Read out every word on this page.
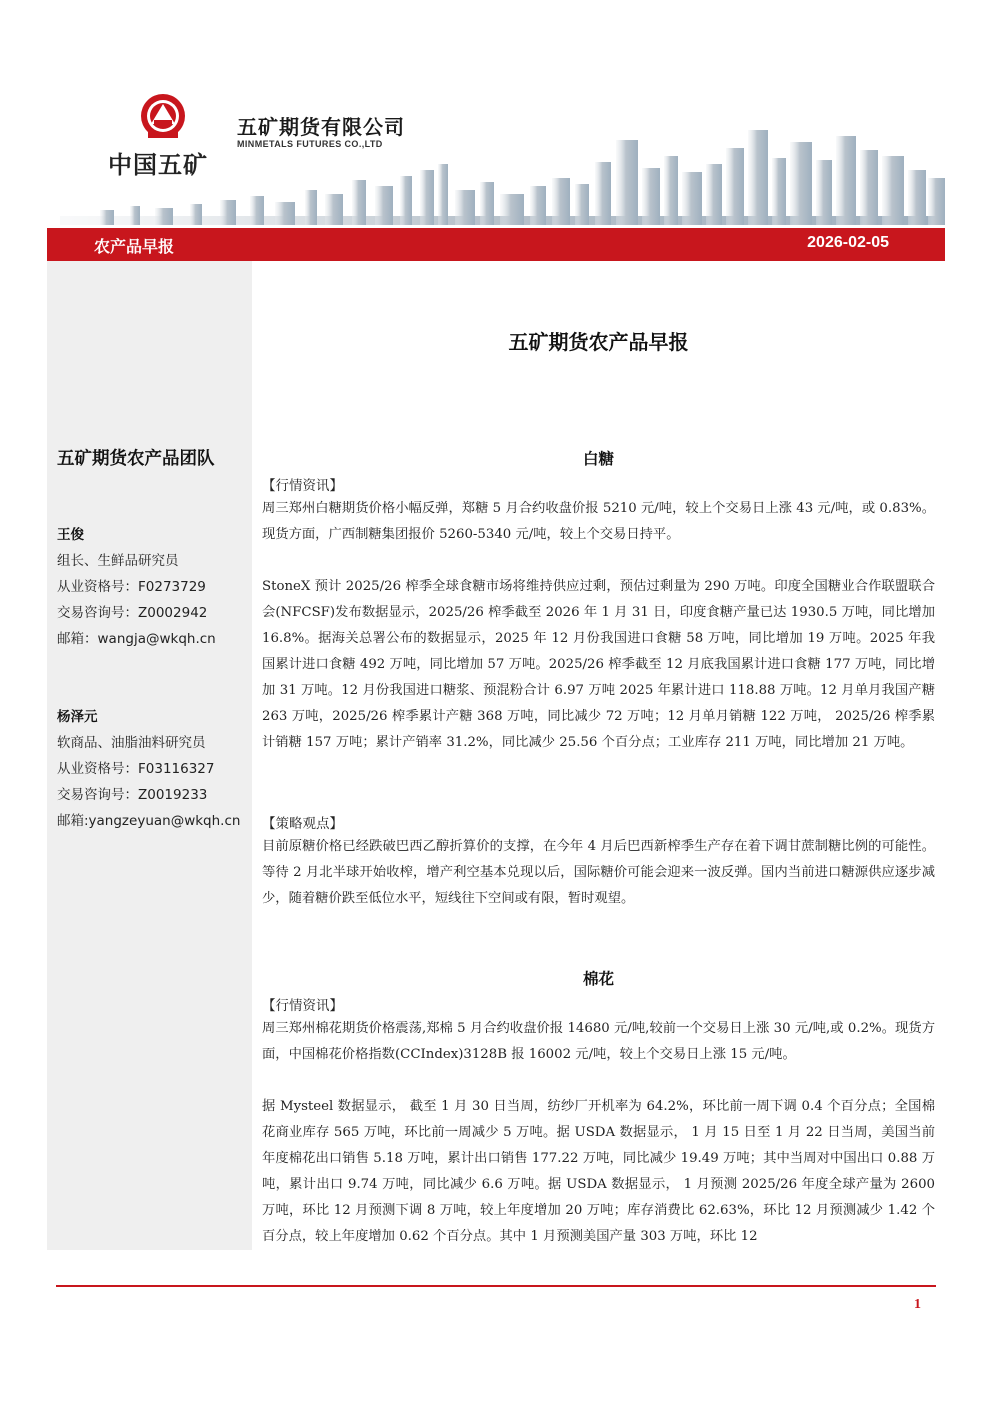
中国五矿
五矿期货有限公司
MINMETALS FUTURES CO.,LTD
农产品早报	2026-02-05
五矿期货农产品团队
王俊
组长、生鲜品研究员
从业资格号：F0273729
交易咨询号：Z0002942
邮箱：wangja@wkqh.cn
杨泽元
软商品、油脂油料研究员
从业资格号：F03116327
交易咨询号：Z0019233
邮箱:yangzeyuan@wkqh.cn
五矿期货农产品早报
白糖
【行情资讯】
周三郑州白糖期货价格小幅反弹，郑糖 5 月合约收盘价报 5210 元/吨，较上个交易日上涨 43 元/吨，或 0.83%。现货方面，广西制糖集团报价 5260-5340 元/吨，较上个交易日持平。
StoneX 预计 2025/26 榨季全球食糖市场将维持供应过剩，预估过剩量为 290 万吨。印度全国糖业合作联盟联合会(NFCSF)发布数据显示，2025/26 榨季截至 2026 年 1 月 31 日，印度食糖产量已达 1930.5 万吨，同比增加 16.8%。据海关总署公布的数据显示，2025 年 12 月份我国进口食糖 58 万吨，同比增加 19 万吨。2025 年我国累计进口食糖 492 万吨，同比增加 57 万吨。2025/26 榨季截至 12 月底我国累计进口食糖 177 万吨，同比增加 31 万吨。12 月份我国进口糖浆、预混粉合计 6.97 万吨 2025 年累计进口 118.88 万吨。12 月单月我国产糖 263 万吨，2025/26 榨季累计产糖 368 万吨，同比减少 72 万吨；12 月单月销糖 122 万吨， 2025/26 榨季累计销糖 157 万吨；累计产销率 31.2%，同比减少 25.56 个百分点；工业库存 211 万吨，同比增加 21 万吨。
【策略观点】
目前原糖价格已经跌破巴西乙醇折算价的支撑，在今年 4 月后巴西新榨季生产存在着下调甘蔗制糖比例的可能性。等待 2 月北半球开始收榨，增产利空基本兑现以后，国际糖价可能会迎来一波反弹。国内当前进口糖源供应逐步减少，随着糖价跌至低位水平，短线往下空间或有限，暂时观望。
棉花
【行情资讯】
周三郑州棉花期货价格震荡,郑棉 5 月合约收盘价报 14680 元/吨,较前一个交易日上涨 30 元/吨,或 0.2%。现货方面，中国棉花价格指数(CCIndex)3128B 报 16002 元/吨，较上个交易日上涨 15 元/吨。
据 Mysteel 数据显示， 截至 1 月 30 日当周，纺纱厂开机率为 64.2%，环比前一周下调 0.4 个百分点；全国棉花商业库存 565 万吨，环比前一周减少 5 万吨。据 USDA 数据显示， 1 月 15 日至 1 月 22 日当周，美国当前年度棉花出口销售 5.18 万吨，累计出口销售 177.22 万吨，同比减少 19.49 万吨；其中当周对中国出口 0.88 万吨，累计出口 9.74 万吨，同比减少 6.6 万吨。据 USDA 数据显示， 1 月预测 2025/26 年度全球产量为 2600 万吨，环比 12 月预测下调 8 万吨，较上年度增加 20 万吨；库存消费比 62.63%，环比 12 月预测减少 1.42 个百分点，较上年度增加 0.62 个百分点。其中 1 月预测美国产量 303 万吨，环比 12
1
